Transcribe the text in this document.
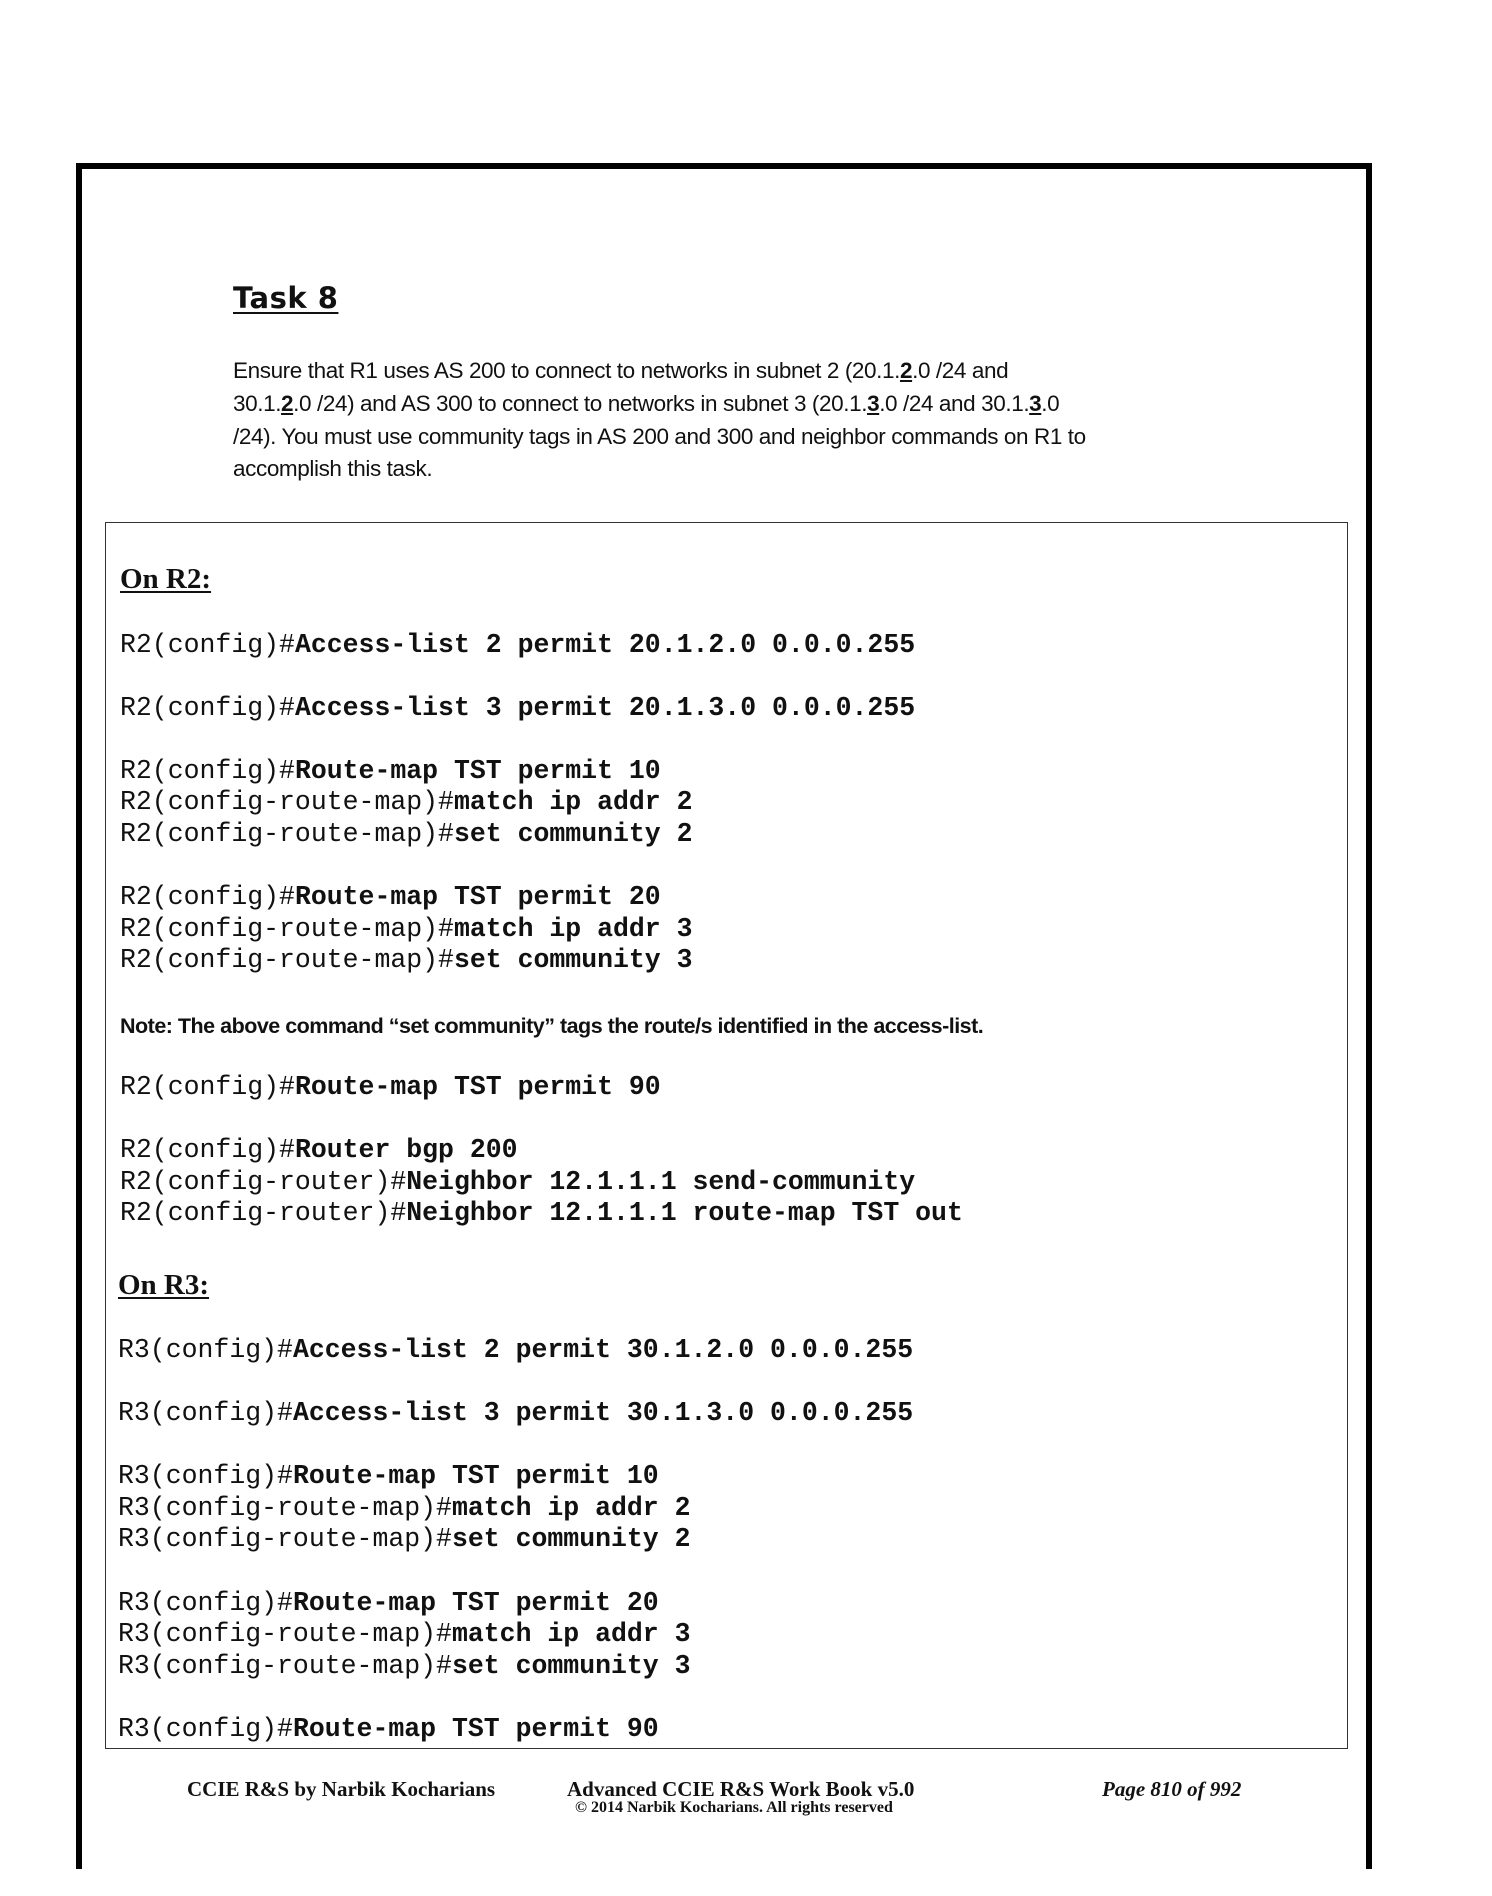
Task 8
Ensure that R1 uses AS 200 to connect to networks in subnet 2 (20.1.2.0 /24 and
30.1.2.0 /24) and AS 300 to connect to networks in subnet 3 (20.1.3.0 /24 and 30.1.3.0
/24). You must use community tags in AS 200 and 300 and neighbor commands on R1 to
accomplish this task.
On R2:
R2(config)#Access-list 2 permit 20.1.2.0 0.0.0.255
R2(config)#Access-list 3 permit 20.1.3.0 0.0.0.255
R2(config)#Route-map TST permit 10
R2(config-route-map)#match ip addr 2
R2(config-route-map)#set community 2
R2(config)#Route-map TST permit 20
R2(config-route-map)#match ip addr 3
R2(config-route-map)#set community 3
Note: The above command “set community” tags the route/s identified in the access-list.
R2(config)#Route-map TST permit 90
R2(config)#Router bgp 200
R2(config-router)#Neighbor 12.1.1.1 send-community
R2(config-router)#Neighbor 12.1.1.1 route-map TST out
On R3:
R3(config)#Access-list 2 permit 30.1.2.0 0.0.0.255
R3(config)#Access-list 3 permit 30.1.3.0 0.0.0.255
R3(config)#Route-map TST permit 10
R3(config-route-map)#match ip addr 2
R3(config-route-map)#set community 2
R3(config)#Route-map TST permit 20
R3(config-route-map)#match ip addr 3
R3(config-route-map)#set community 3
R3(config)#Route-map TST permit 90
CCIE R&S by Narbik Kocharians	Advanced CCIE R&S Work Book v5.0
© 2014 Narbik Kocharians. All rights reserved
Page 810 of 992
